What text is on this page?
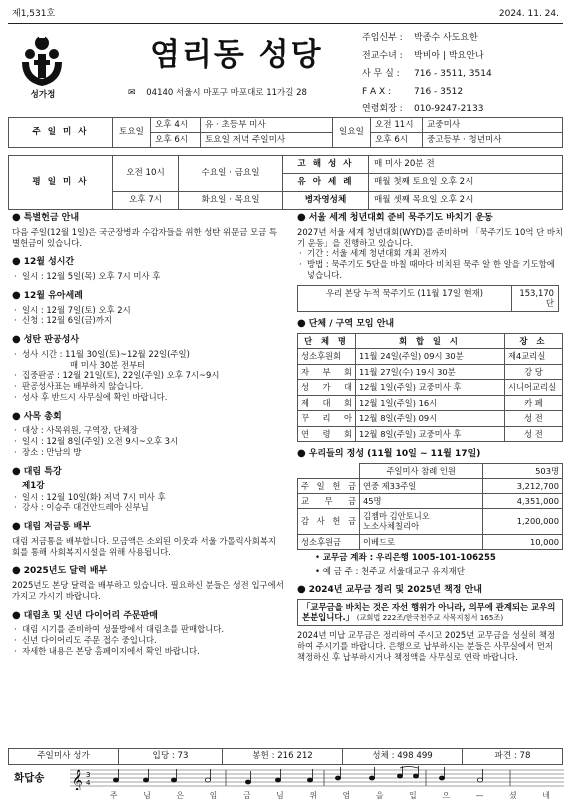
제1,531호	2024. 11. 24.
성가정
염리동 성당
✉ 04140 서울시 마포구 마포대로 11가길 28
주임신부 :	박종수 사도요한
전교수녀 :	박비아 | 박요안나
사 무 실 :	716 - 3511, 3514
F A X :	716 - 3512
연령회장 :	010-9247-2133
주 일 미 사	토요일	오후 4시	유 · 초등부 미사	일요일	오전 11시	교중미사
		오후 6시	토요일 저녁 주일미사		오후 6시	중고등부 · 청년미사
평 일 미 사	오전 10시	수요일 · 금요일	고 해 성 사	매 미사 20분 전
			유 아 세 례	매월 첫째 토요일 오후 2시
	오후 7시	화요일 · 목요일	병자영성체	매월 셋째 목요일 오후 2시
● 특별헌금 안내
다음 주일(12월 1일)은 국군장병과 수감자들을 위한 성탄 위문금 모금 특별헌금이 있습니다.
● 12월 성시간
· 일시 : 12월 5일(목) 오후 7시 미사 후
● 12월 유아세례
· 일시 : 12월 7일(토) 오후 2시
· 신청 : 12월 6일(금)까지
● 성탄 판공성사
· 성사 시간 : 11월 30일(토)~12월 22일(주일)
매 미사 30분 전부터
· 집중판공 : 12월 21일(토), 22일(주일) 오후 7시~9시
· 판공성사표는 배부하지 않습니다.
· 성사 후 반드시 사무실에 확인 바랍니다.
● 사목 총회
· 대상 : 사목위원, 구역장, 단체장
· 일시 : 12월 8일(주일) 오전 9시~오후 3시
· 장소 : 만남의 방
● 대림 특강
제1강
· 일시 : 12월 10일(화) 저녁 7시 미사 후
· 강사 : 이승주 대건안드레아 신부님
● 대림 저금통 배부
대림 저금통을 배부합니다. 모금액은 소외된 이웃과 서울 가톨릭사회복지회를 통해 사회복지시설을 위해 사용됩니다.
● 2025년도 달력 배부
2025년도 본당 달력을 배부하고 있습니다. 필요하신 분들은 성전 입구에서 가지고 가시기 바랍니다.
● 대림초 및 신년 다이어리 주문판매
· 대림 시기를 준비하여 성물방에서 대림초를 판매합니다.
· 신년 다이어리도 주문 접수 중입니다.
· 자세한 내용은 본당 홈페이지에서 확인 바랍니다.
● 서울 세계 청년대회 준비 묵주기도 바치기 운동
2027년 서울 세계 청년대회(WYD)를 준비하며 「묵주기도 10억 단 바치기 운동」을 진행하고 있습니다.
· 기간 : 서울 세계 청년대회 개최 전까지
· 방법 : 묵주기도 5단을 바칠 때마다 비치된 묵주 알 한 알을 기도함에 넣습니다.
우리 본당 누적 묵주기도 (11월 17일 현재)	153,170단
● 단체 / 구역 모임 안내
단 체 명	회 합 일 시	장 소
성소후원회	11월 24일(주일) 09시 30분	제4교리실
자 부 회	11월 27일(수) 19시 30분	강 당
성 가 대	12월 1일(주일) 교중미사 후	시니어교리실
제 대 회	12월 1일(주일) 16시	카 페
꾸 리 아	12월 8일(주일) 09시	성 전
연 령 회	12월 8일(주일) 교중미사 후	성 전
● 우리들의 정성 (11월 10일 ~ 11월 17일)
	주일미사 참례 인원	503명
주 일 헌 금	연중 제33주일	3,212,700
교 무 금	45명	4,351,000
감 사 헌 금	김젬마 김안토니오
노소사체칠리아	1,200,000
성소후원금	이베드로	10,000
• 교무금 계좌 : 우리은행 1005-101-106255
• 예 금 주 : 천주교 서울대교구 유지재단
● 2024년 교무금 정리 및 2025년 책정 안내
「교무금을 바치는 것은 자선 행위가 아니라, 의무에 관계되는 교우의 본분입니다.」 (교회법 222조/한국천주교 사목지침서 165조)
2024년 미납 교무금은 정리하여 주시고 2025년 교무금을 성실히 책정하여 주시기를 바랍니다. 은행으로 납부하시는 분들은 사무실에서 먼저 책정하신 후 납부하시거나 책정액을 사무실로 연락 바랍니다.
주일미사 성가	입당 : 73	봉헌 : 216 212	성체 : 498 499	파견 : 78
화답송 𝄞 3
4
주	님	은	임	금	님	위	엄	을	입	으	—	셨	네
